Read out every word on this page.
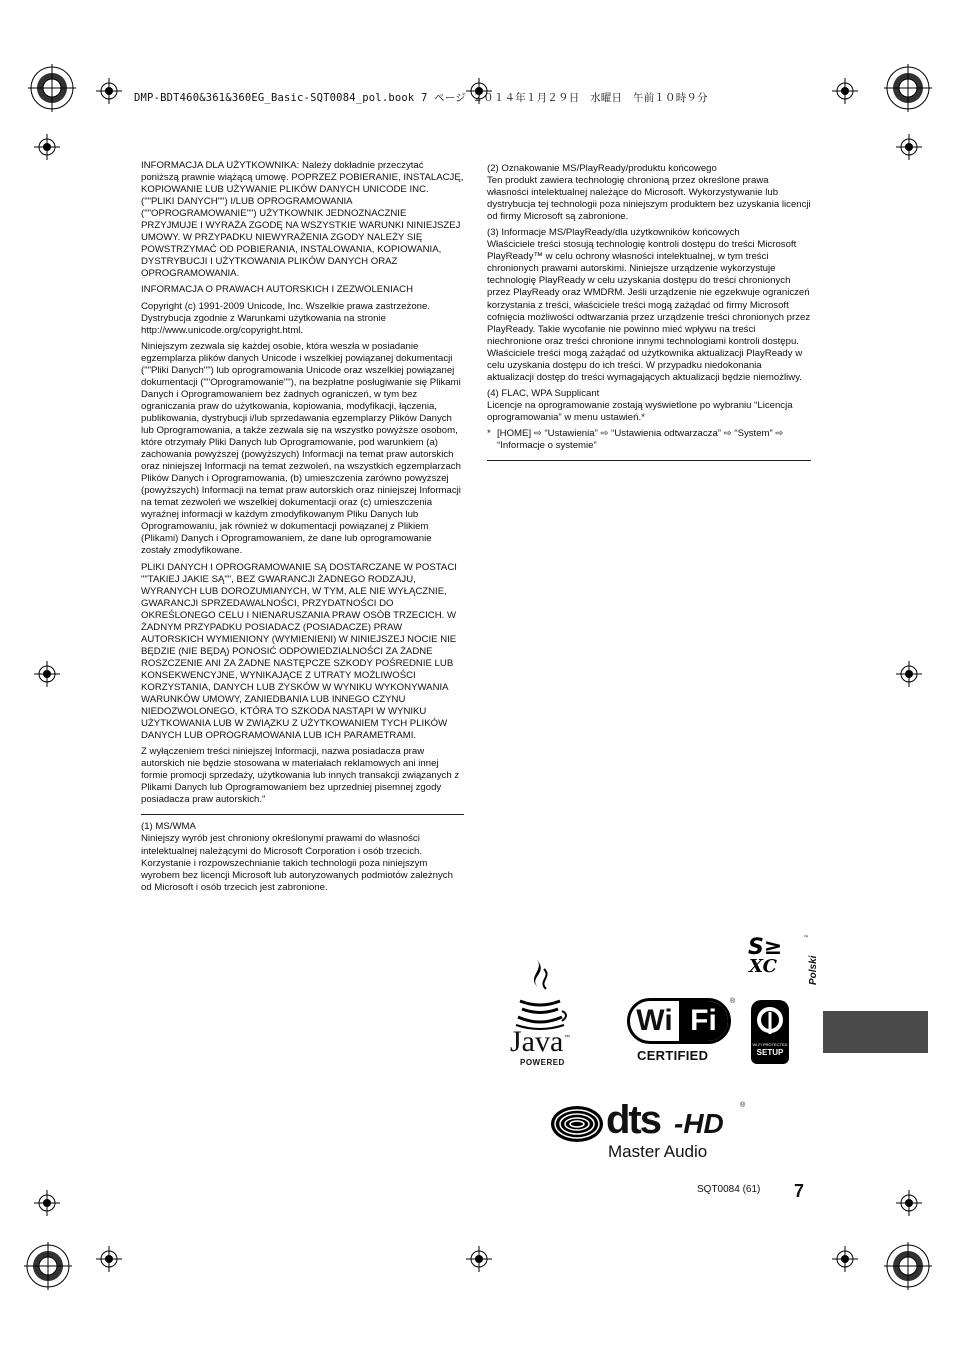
DMP-BDT460&361&360EG_Basic-SQT0084_pol.book 7 ページ ２０１４年１月２９日　水曜日　午前１０時９分

INFORMACJA DLA UŻYTKOWNIKA: Należy dokładnie przeczytać poniższą prawnie wiążącą umowę. POPRZEZ POBIERANIE, INSTALACJĘ, KOPIOWANIE LUB UŻYWANIE PLIKÓW DANYCH UNICODE INC. (""PLIKI DANYCH"") I/LUB OPROGRAMOWANIA (""OPROGRAMOWANIE"") UŻYTKOWNIK JEDNOZNACZNIE PRZYJMUJE I WYRAŻA ZGODĘ NA WSZYSTKIE WARUNKI NINIEJSZEJ UMOWY. W PRZYPADKU NIEWYRAŻENIA ZGODY NALEŻY SIĘ POWSTRZYMAĆ OD POBIERANIA, INSTALOWANIA, KOPIOWANIA, DYSTRYBUCJI I UŻYTKOWANIA PLIKÓW DANYCH ORAZ OPROGRAMOWANIA.

INFORMACJA O PRAWACH AUTORSKICH I ZEZWOLENIACH

Copyright (c) 1991-2009 Unicode, Inc. Wszelkie prawa zastrzeżone. Dystrybucja zgodnie z Warunkami użytkowania na stronie
http://www.unicode.org/copyright.html.

Niniejszym zezwala się każdej osobie, która weszła w posiadanie egzemplarza plików danych Unicode i wszelkiej powiązanej dokumentacji (""Pliki Danych"") lub oprogramowania Unicode oraz wszelkiej powiązanej dokumentacji (""Oprogramowanie""), na bezpłatne posługiwanie się Plikami Danych i Oprogramowaniem bez żadnych ograniczeń, w tym bez ograniczania praw do użytkowania, kopiowania, modyfikacji, łączenia, publikowania, dystrybucji i/lub sprzedawania egzemplarzy Plików Danych lub Oprogramowania, a także zezwala się na wszystko powyższe osobom, które otrzymały Pliki Danych lub Oprogramowanie, pod warunkiem (a) zachowania powyższej (powyższych) Informacji na temat praw autorskich oraz niniejszej Informacji na temat zezwoleń, na wszystkich egzemplarzach Plików Danych i Oprogramowania, (b) umieszczenia zarówno powyższej (powyższych) Informacji na temat praw autorskich oraz niniejszej Informacji na temat zezwoleń we wszelkiej dokumentacji oraz (c) umieszczenia wyraźnej informacji w każdym zmodyfikowanym Pliku Danych lub Oprogramowaniu, jak również w dokumentacji powiązanej z Plikiem (Plikami) Danych i Oprogramowaniem, że dane lub oprogramowanie zostały zmodyfikowane.

PLIKI DANYCH I OPROGRAMOWANIE SĄ DOSTARCZANE W POSTACI ""TAKIEJ JAKIE SĄ"", BEZ GWARANCJI ŻADNEGO RODZAJU, WYRANYCH LUB DOROZUMIANYCH, W TYM, ALE NIE WYŁĄCZNIE, GWARANCJI SPRZEDAWALNOŚCI, PRZYDATNOŚCI DO OKREŚLONEGO CELU I NIENARUSZANIA PRAW OSÓB TRZECICH. W ŻADNYM PRZYPADKU POSIADACZ (POSIADACZE) PRAW AUTORSKICH WYMIENIONY (WYMIENIENI) W NINIEJSZEJ NOCIE NIE BĘDZIE (NIE BĘDĄ) PONOSIĆ ODPOWIEDZIALNOŚCI ZA ŻADNE ROSZCZENIE ANI ZA ŻADNE NASTĘPCZE SZKODY POŚREDNIE LUB KONSEKWENCYJNE, WYNIKAJĄCE Z UTRATY MOŻLIWOŚCI KORZYSTANIA, DANYCH LUB ZYSKÓW W WYNIKU WYKONYWANIA WARUNKÓW UMOWY, ZANIEDBANIA LUB INNEGO CZYNU NIEDOZWOLONEGO, KTÓRA TO SZKODA NASTĄPI W WYNIKU UŻYTKOWANIA LUB W ZWIĄZKU Z UŻYTKOWANIEM TYCH PLIKÓW DANYCH LUB OPROGRAMOWANIA LUB ICH PARAMETRAMI.

Z wyłączeniem treści niniejszej Informacji, nazwa posiadacza praw autorskich nie będzie stosowana w materiałach reklamowych ani innej formie promocji sprzedaży, użytkowania lub innych transakcji związanych z Plikami Danych lub Oprogramowaniem bez uprzedniej pisemnej zgody posiadacza praw autorskich."

(1) MS/WMA

Niniejszy wyrób jest chroniony określonymi prawami do własności intelektualnej należącymi do Microsoft Corporation i osób trzecich. Korzystanie i rozpowszechnianie takich technologii poza niniejszym wyrobem bez licencji Microsoft lub autoryzowanych podmiotów zależnych od Microsoft i osób trzecich jest zabronione.

(2) Oznakowanie MS/PlayReady/produktu końcowego

Ten produkt zawiera technologię chronioną przez określone prawa własności intelektualnej należące do Microsoft. Wykorzystywanie lub dystrybucja tej technologii poza niniejszym produktem bez uzyskania licencji od firmy Microsoft są zabronione.

(3) Informacje MS/PlayReady/dla użytkowników końcowych

Właściciele treści stosują technologię kontroli dostępu do treści Microsoft PlayReady™ w celu ochrony własności intelektualnej, w tym treści chronionych prawami autorskimi. Niniejsze urządzenie wykorzystuje technologię PlayReady w celu uzyskania dostępu do treści chronionych przez PlayReady oraz WMDRM. Jeśli urządzenie nie egzekwuje ograniczeń korzystania z treści, właściciele treści mogą zażądać od firmy Microsoft cofnięcia możliwości odtwarzania przez urządzenie treści chronionych przez PlayReady. Takie wycofanie nie powinno mieć wpływu na treści niechronione oraz treści chronione innymi technologiami kontroli dostępu. Właściciele treści mogą zażądać od użytkownika aktualizacji PlayReady w celu uzyskania dostępu do ich treści. W przypadku niedokonania aktualizacji dostęp do treści wymagających aktualizacji będzie niemożliwy.

(4) FLAC, WPA Supplicant

Licencje na oprogramowanie zostają wyświetlone po wybraniu “Licencja oprogramowania” w menu ustawień.*

* [HOME] ⇨ “Ustawienia” ⇨ “Ustawienia odtwarzacza” ⇨ “System” ⇨ “Informacje o systemie”
Polski
S≥	™
XC
Java ™
POWERED
Wi Fi
®
CERTIFIED
Wi-Fi PROTECTED
SETUP
dts -HD
®
Master Audio
SQT0084 (61) 7
